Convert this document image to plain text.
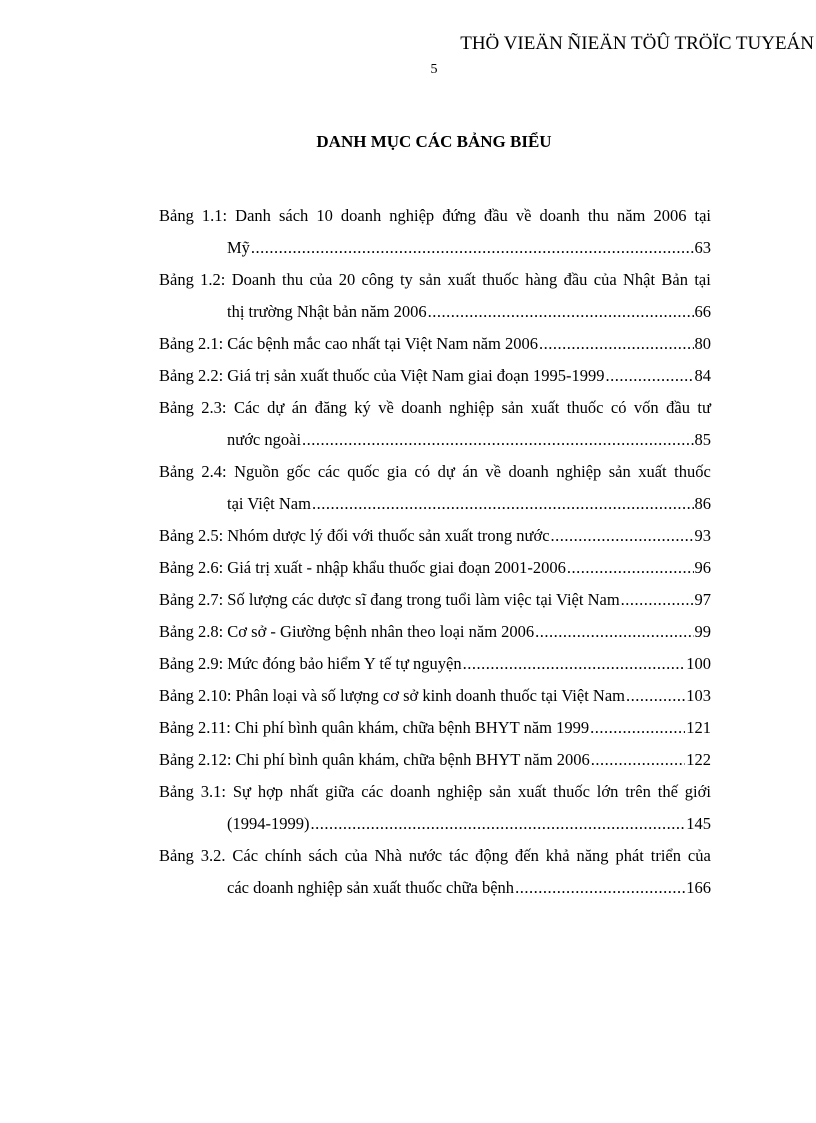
THÖ VIEÄN ÑIEÄN TÖÛ TRÖÏC TUYEÁN
5
DANH MỤC CÁC BẢNG BIỂU
Bảng 1.1: Danh sách 10 doanh nghiệp đứng đầu về doanh thu năm 2006 tại
Mỹ .....	63
Bảng 1.2: Doanh thu của 20 công ty sản xuất thuốc hàng đầu của Nhật Bản tại
thị trường Nhật bản năm 2006 .....	66
Bảng 2.1: Các bệnh mắc cao nhất tại Việt Nam năm 2006 .....	80
Bảng 2.2: Giá trị sản xuất thuốc của Việt Nam giai đoạn 1995-1999 .....	84
Bảng 2.3: Các dự án đăng ký về doanh nghiệp sản xuất thuốc có vốn đầu tư
nước ngoài .....	85
Bảng 2.4: Nguồn gốc các quốc gia có dự án về doanh nghiệp sản xuất thuốc
tại Việt Nam .....	86
Bảng 2.5: Nhóm dược lý đối với thuốc sản xuất trong nước .....	93
Bảng 2.6: Giá trị xuất - nhập khẩu thuốc giai đoạn 2001-2006 .....	96
Bảng 2.7: Số lượng các dược sĩ đang trong tuổi làm việc tại Việt Nam .....	97
Bảng 2.8: Cơ sở - Giường bệnh nhân theo loại năm 2006 .....	99
Bảng 2.9: Mức đóng bảo hiểm Y tế tự nguyện .....	100
Bảng 2.10: Phân loại và số lượng cơ sở kinh doanh thuốc tại Việt Nam .....	103
Bảng 2.11: Chi phí bình quân khám, chữa bệnh BHYT năm 1999 .....	121
Bảng 2.12: Chi phí bình quân khám, chữa bệnh BHYT năm 2006 .....	122
Bảng 3.1: Sự hợp nhất giữa các doanh nghiệp sản xuất thuốc lớn trên thế giới
(1994-1999) .....	145
Bảng 3.2. Các chính sách của Nhà nước tác động đến khả năng phát triển của
các doanh nghiệp sản xuất thuốc chữa bệnh .....	166
